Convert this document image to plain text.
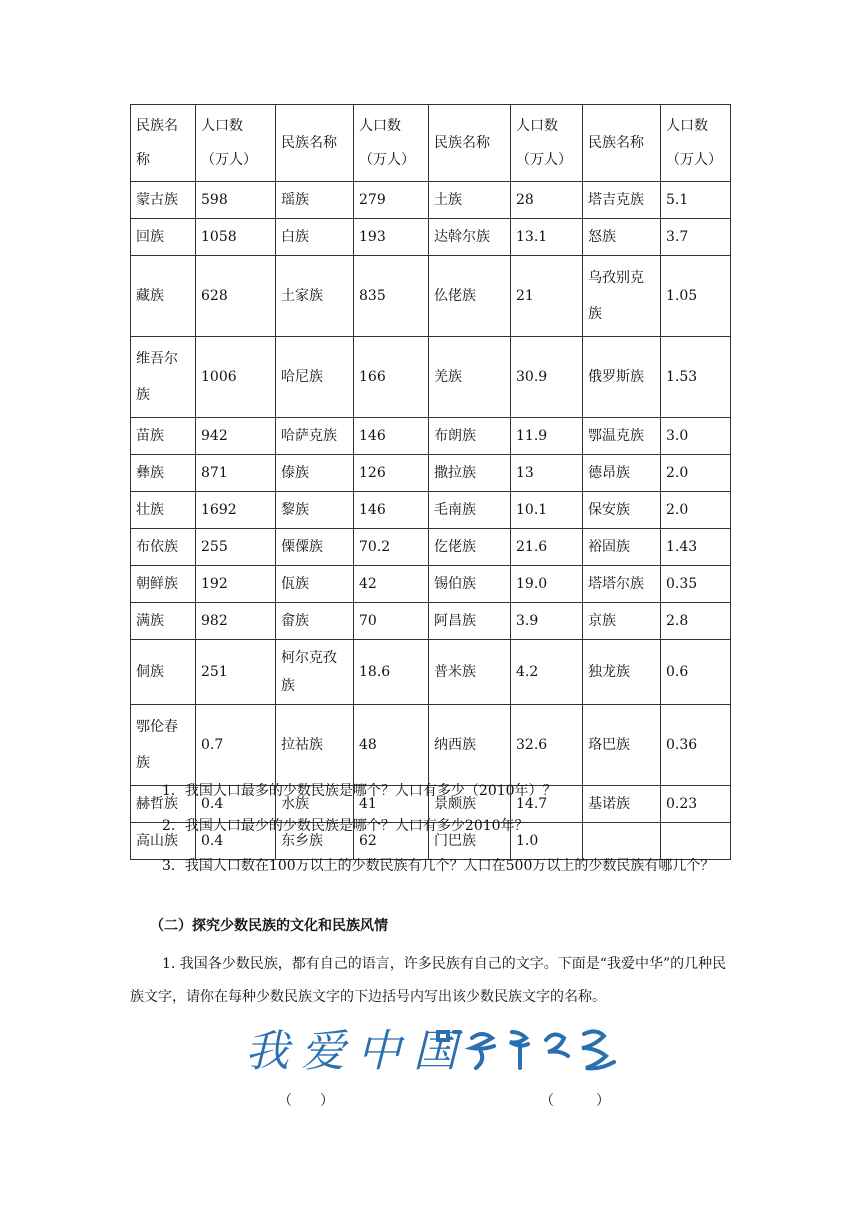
民族名称	人口数（万人）	民族名称	人口数（万人）	民族名称	人口数（万人）	民族名称	人口数（万人）
蒙古族	598	瑶族	279	土族	28	塔吉克族	5.1
回族	1058	白族	193	达斡尔族	13.1	怒族	3.7
藏族	628	土家族	835	仫佬族	21	乌孜别克族	1.05
维吾尔族	1006	哈尼族	166	羌族	30.9	俄罗斯族	1.53
苗族	942	哈萨克族	146	布朗族	11.9	鄂温克族	3.0
彝族	871	傣族	126	撒拉族	13	德昂族	2.0
壮族	1692	黎族	146	毛南族	10.1	保安族	2.0
布依族	255	傈僳族	70.2	仡佬族	21.6	裕固族	1.43
朝鲜族	192	佤族	42	锡伯族	19.0	塔塔尔族	0.35
满族	982	畲族	70	阿昌族	3.9	京族	2.8
侗族	251	柯尔克孜族	18.6	普米族	4.2	独龙族	0.6
鄂伦春族	0.7	拉祜族	48	纳西族	32.6	珞巴族	0.36
赫哲族	0.4	水族	41	景颇族	14.7	基诺族	0.23
高山族	0.4	东乡族	62	门巴族	1.0		
1．我国人口最多的少数民族是哪个？人口有多少（2010年）？
2．我国人口最少的少数民族是哪个？人口有多少2010年？
3．我国人口数在100万以上的少数民族有几个？人口在500万以上的少数民族有哪几个？
（二）探究少数民族的文化和民族风情
1. 我国各少数民族，都有自己的语言，许多民族有自己的文字。下面是“我爱中华”的几种民族文字，请你在每种少数民族文字的下边括号内写出该少数民族文字的名称。
我爱中国
（　　）	（　　　）
